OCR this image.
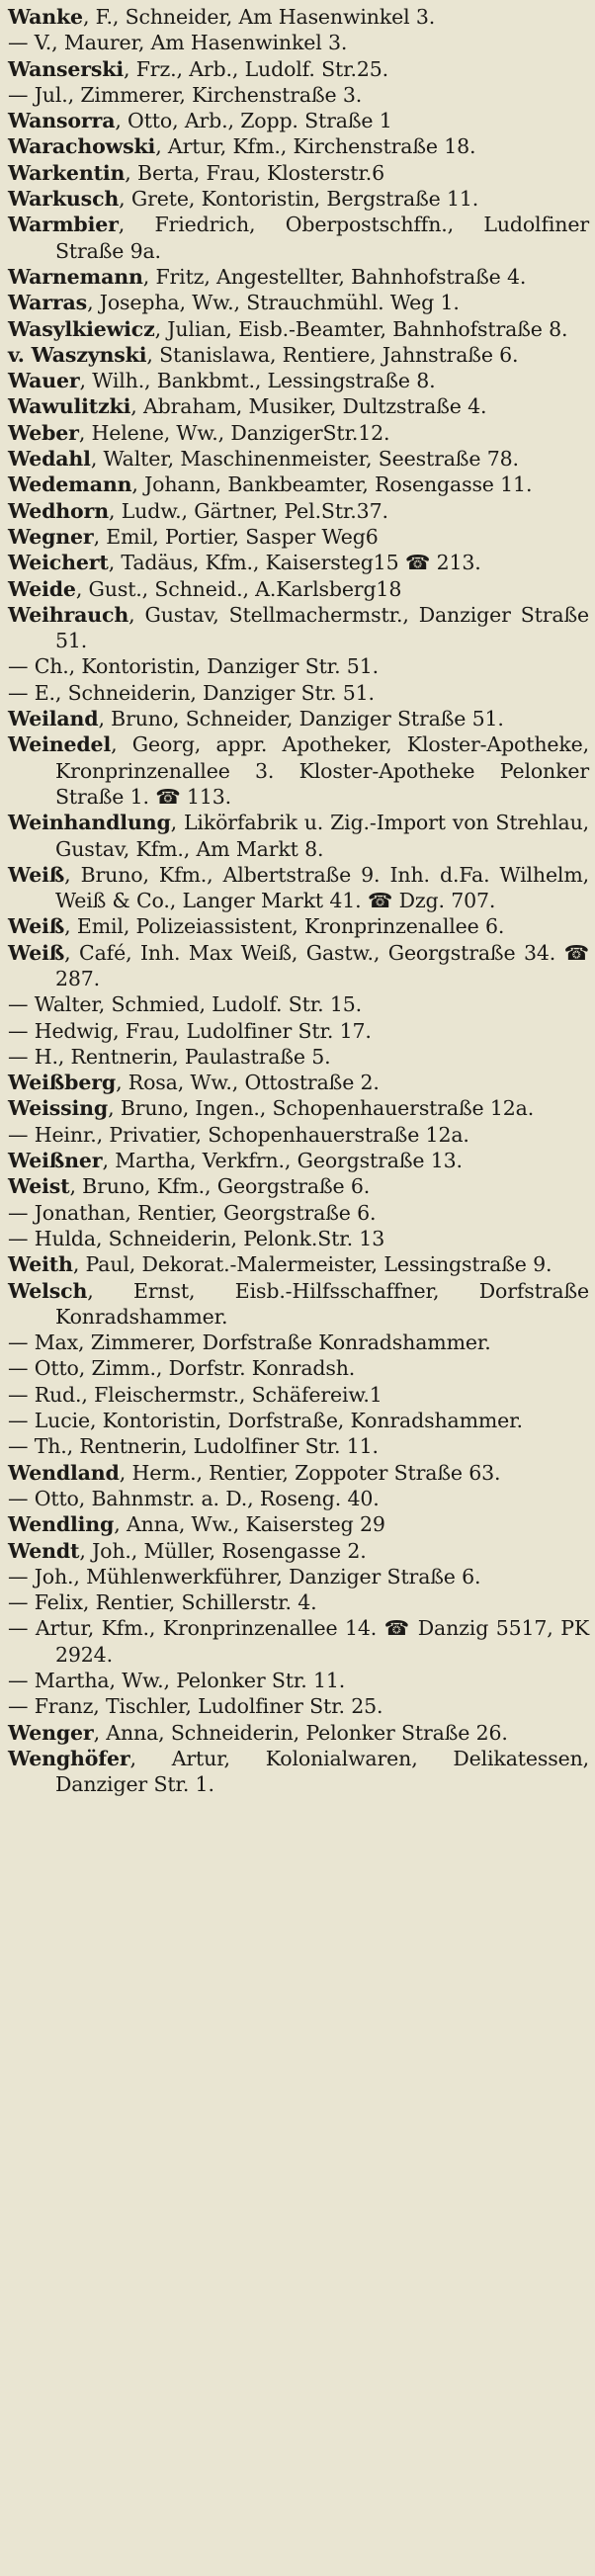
Wanke, F., Schneider, Am Hasenwinkel 3.

— V., Maurer, Am Hasenwinkel 3.

Wanserski, Frz., Arb., Ludolf. Str.25.

— Jul., Zimmerer, Kirchenstraße 3.

Wansorra, Otto, Arb., Zopp. Straße 1

Warachowski, Artur, Kfm., Kirchenstraße 18.

Warkentin, Berta, Frau, Klosterstr.6

Warkusch, Grete, Kontoristin, Bergstraße 11.

Warmbier, Friedrich, Oberpostschffn., Ludolfiner Straße 9a.

Warnemann, Fritz, Angestellter, Bahnhofstraße 4.

Warras, Josepha, Ww., Strauchmühl. Weg 1.

Wasylkiewicz, Julian, Eisb.-Beamter, Bahnhofstraße 8.

v. Waszynski, Stanislawa, Rentiere, Jahnstraße 6.

Wauer, Wilh., Bankbmt., Lessingstraße 8.

Wawulitzki, Abraham, Musiker, Dultzstraße 4.

Weber, Helene, Ww., DanzigerStr.12.

Wedahl, Walter, Maschinenmeister, Seestraße 78.

Wedemann, Johann, Bankbeamter, Rosengasse 11.

Wedhorn, Ludw., Gärtner, Pel.Str.37.

Wegner, Emil, Portier, Sasper Weg6

Weichert, Tadäus, Kfm., Kaisersteg15 ☎ 213.

Weide, Gust., Schneid., A.Karlsberg18

Weihrauch, Gustav, Stellmachermstr., Danziger Straße 51.

— Ch., Kontoristin, Danziger Str. 51.

— E., Schneiderin, Danziger Str. 51.

Weiland, Bruno, Schneider, Danziger Straße 51.

Weinedel, Georg, appr. Apotheker, Kloster-Apotheke, Kronprinzenallee 3. Kloster-Apotheke Pelonker Straße 1. ☎ 113.

Weinhandlung, Likörfabrik u. Zig.-Import von Strehlau, Gustav, Kfm., Am Markt 8.

Weiß, Bruno, Kfm., Albertstraße 9. Inh. d.Fa. Wilhelm, Weiß & Co., Langer Markt 41. ☎ Dzg. 707.

Weiß, Emil, Polizeiassistent, Kronprinzenallee 6.

Weiß, Café, Inh. Max Weiß, Gastw., Georgstraße 34. ☎ 287.

— Walter, Schmied, Ludolf. Str. 15.

— Hedwig, Frau, Ludolfiner Str. 17.

— H., Rentnerin, Paulastraße 5.

Weißberg, Rosa, Ww., Ottostraße 2.

Weissing, Bruno, Ingen., Schopenhauerstraße 12a.

— Heinr., Privatier, Schopenhauerstraße 12a.

Weißner, Martha, Verkfrn., Georgstraße 13.

Weist, Bruno, Kfm., Georgstraße 6.

— Jonathan, Rentier, Georgstraße 6.

— Hulda, Schneiderin, Pelonk.Str. 13

Weith, Paul, Dekorat.-Malermeister, Lessingstraße 9.

Welsch, Ernst, Eisb.-Hilfsschaffner, Dorfstraße Konradshammer.

— Max, Zimmerer, Dorfstraße Konradshammer.

— Otto, Zimm., Dorfstr. Konradsh.

— Rud., Fleischermstr., Schäfereiw.1

— Lucie, Kontoristin, Dorfstraße, Konradshammer.

— Th., Rentnerin, Ludolfiner Str. 11.

Wendland, Herm., Rentier, Zoppoter Straße 63.

— Otto, Bahnmstr. a. D., Roseng. 40.

Wendling, Anna, Ww., Kaisersteg 29

Wendt, Joh., Müller, Rosengasse 2.

— Joh., Mühlenwerkführer, Danziger Straße 6.

— Felix, Rentier, Schillerstr. 4.

— Artur, Kfm., Kronprinzenallee 14. ☎ Danzig 5517, PK 2924.

— Martha, Ww., Pelonker Str. 11.

— Franz, Tischler, Ludolfiner Str. 25.

Wenger, Anna, Schneiderin, Pelonker Straße 26.

Wenghöfer, Artur, Kolonialwaren, Delikatessen, Danziger Str. 1.
